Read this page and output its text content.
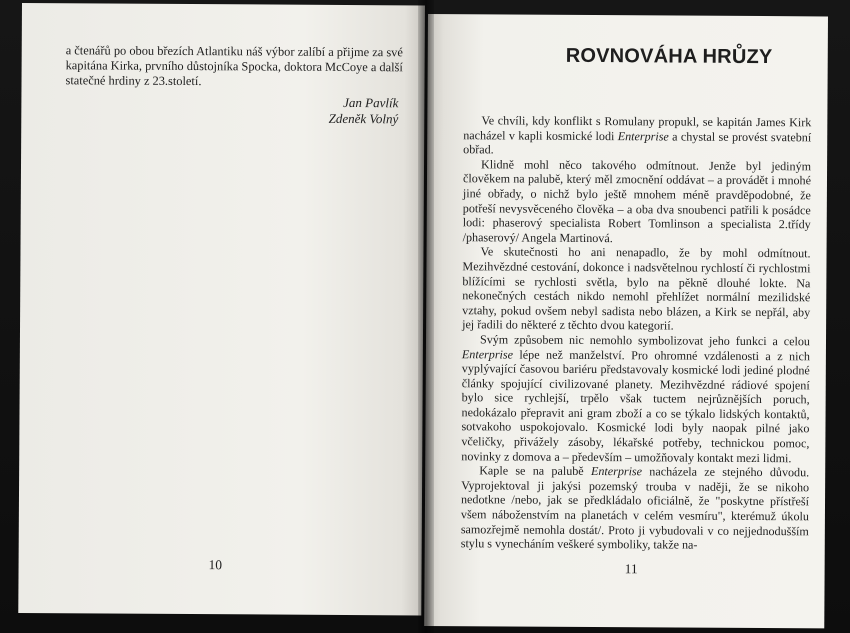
a čtenářů po obou březích Atlantiku náš výbor zalíbí a přijme za své kapitána Kirka, prvního důstojníka Spocka, doktora McCoye a další statečné hrdiny z 23.století.

Jan Pavlík
Zdeněk Volný
10
ROVNOVÁHA HRŮZY

Ve chvíli, kdy konflikt s Romulany propukl, se kapitán James Kirk nacházel v kapli kosmické lodi Enterprise a chystal se provést svatební obřad.

Klidně mohl něco takového odmítnout. Jenže byl jediným člověkem na palubě, který měl zmocnění oddávat – a provádět i mnohé jiné obřady, o nichž bylo ještě mnohem méně pravděpodobné, že potřeší nevysvěceného člověka – a oba dva snoubenci patřili k posádce lodi: phaserový specialista Robert Tomlinson a specialista 2.třídy /phaserový/ Angela Martinová.

Ve skutečnosti ho ani nenapadlo, že by mohl odmítnout. Mezihvězdné cestování, dokonce i nadsvětelnou rychlostí či rychlostmi blížícími se rychlosti světla, bylo na pěkně dlouhé lokte. Na nekonečných cestách nikdo nemohl přehlížet normální mezilidské vztahy, pokud ovšem nebyl sadista nebo blázen, a Kirk se nepřál, aby jej řadili do některé z těchto dvou kategorií.

Svým způsobem nic nemohlo symbolizovat jeho funkci a celou Enterprise lépe než manželství. Pro ohromné vzdálenosti a z nich vyplývající časovou bariéru představovaly kosmické lodi jediné plodné články spojující civilizované planety. Mezihvězdné rádiové spojení bylo sice rychlejší, trpělo však tuctem nejrůznějších poruch, nedokázalo přepravit ani gram zboží a co se týkalo lidských kontaktů, sotvakoho uspokojovalo. Kosmické lodi byly naopak pilné jako včeličky, přivážely zásoby, lékařské potřeby, technickou pomoc, novinky z domova a – především – umožňovaly kontakt mezi lidmi.

Kaple se na palubě Enterprise nacházela ze stejného důvodu. Vyprojektoval ji jakýsi pozemský trouba v naději, že se nikoho nedotkne /nebo, jak se předkládalo oficiálně, že "poskytne přístřeší všem náboženstvím na planetách v celém vesmíru", kterémuž úkolu samozřejmě nemohla dostát/. Proto ji vybudovali v co nejjednodušším stylu s vynecháním veškeré symboliky, takže na-

11
